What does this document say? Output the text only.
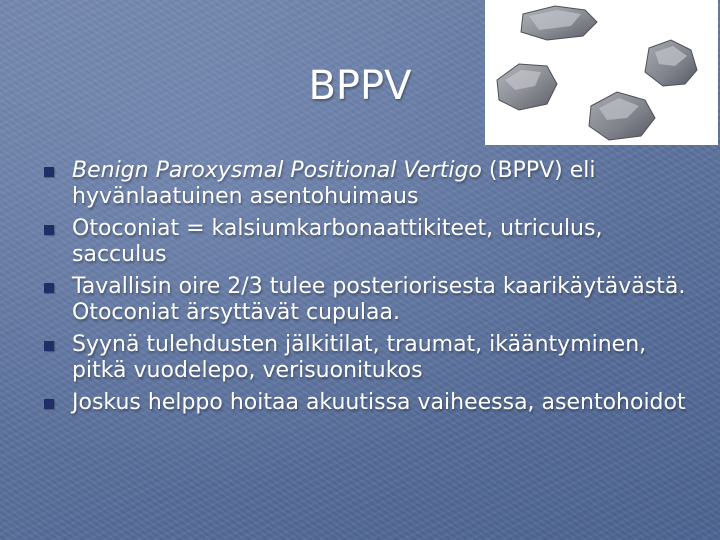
BPPV
Benign Paroxysmal Positional Vertigo (BPPV) eli hyvänlaatuinen asentohuimaus
Otoconiat = kalsiumkarbonaattikiteet, utriculus, sacculus
Tavallisin oire 2/3 tulee posteriorisesta kaarikäytävästä. Otoconiat ärsyttävät cupulaa.
Syynä tulehdusten jälkitilat, traumat, ikääntyminen, pitkä vuodelepo, verisuonitukos
Joskus helppo hoitaa akuutissa vaiheessa, asentohoidot
